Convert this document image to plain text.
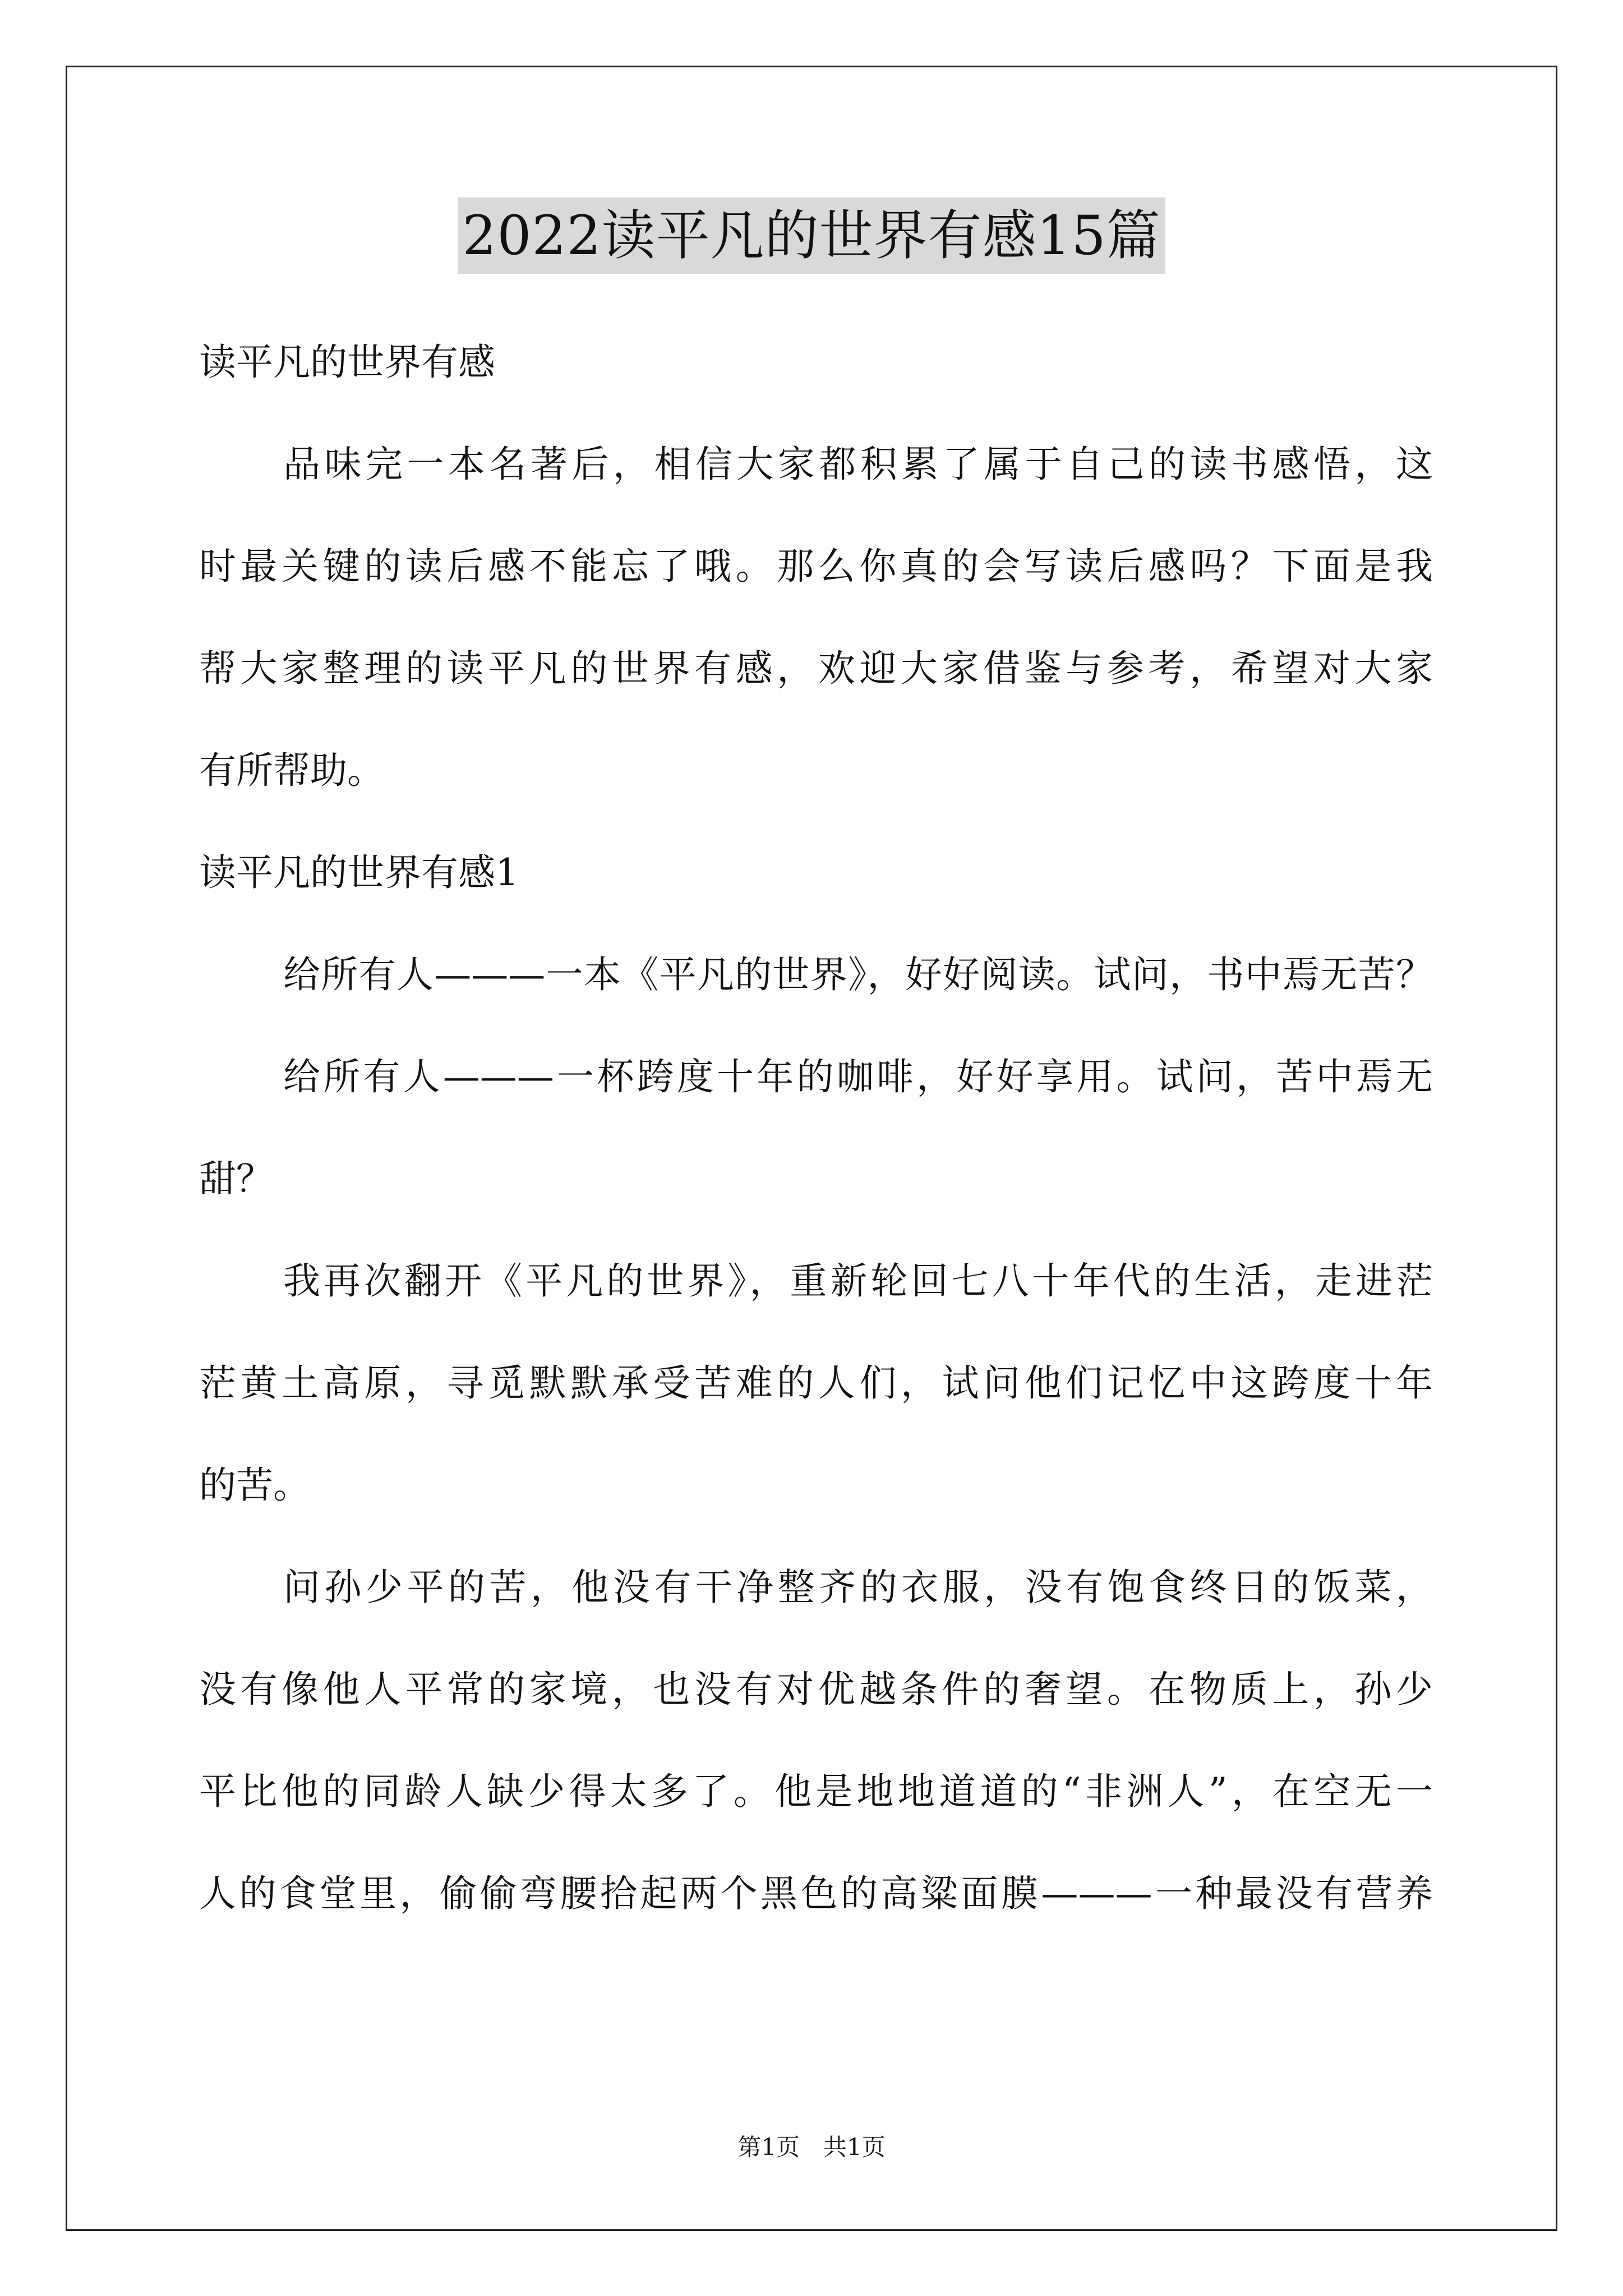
2022读平凡的世界有感15篇
读平凡的世界有感
品味完一本名著后，相信大家都积累了属于自己的读书感悟，这
时最关键的读后感不能忘了哦。那么你真的会写读后感吗？下面是我
帮大家整理的读平凡的世界有感，欢迎大家借鉴与参考，希望对大家
有所帮助。
读平凡的世界有感1
给所有人———一本《平凡的世界》，好好阅读。试问，书中焉无苦？
给所有人———一杯跨度十年的咖啡，好好享用。试问，苦中焉无
甜？
我再次翻开《平凡的世界》，重新轮回七八十年代的生活，走进茫
茫黄土高原，寻觅默默承受苦难的人们，试问他们记忆中这跨度十年
的苦。
问孙少平的苦，他没有干净整齐的衣服，没有饱食终日的饭菜，
没有像他人平常的家境，也没有对优越条件的奢望。在物质上，孙少
平比他的同龄人缺少得太多了。他是地地道道的“非洲人”，在空无一
人的食堂里，偷偷弯腰拾起两个黑色的高粱面膜———一种最没有营养
第1页　共1页
